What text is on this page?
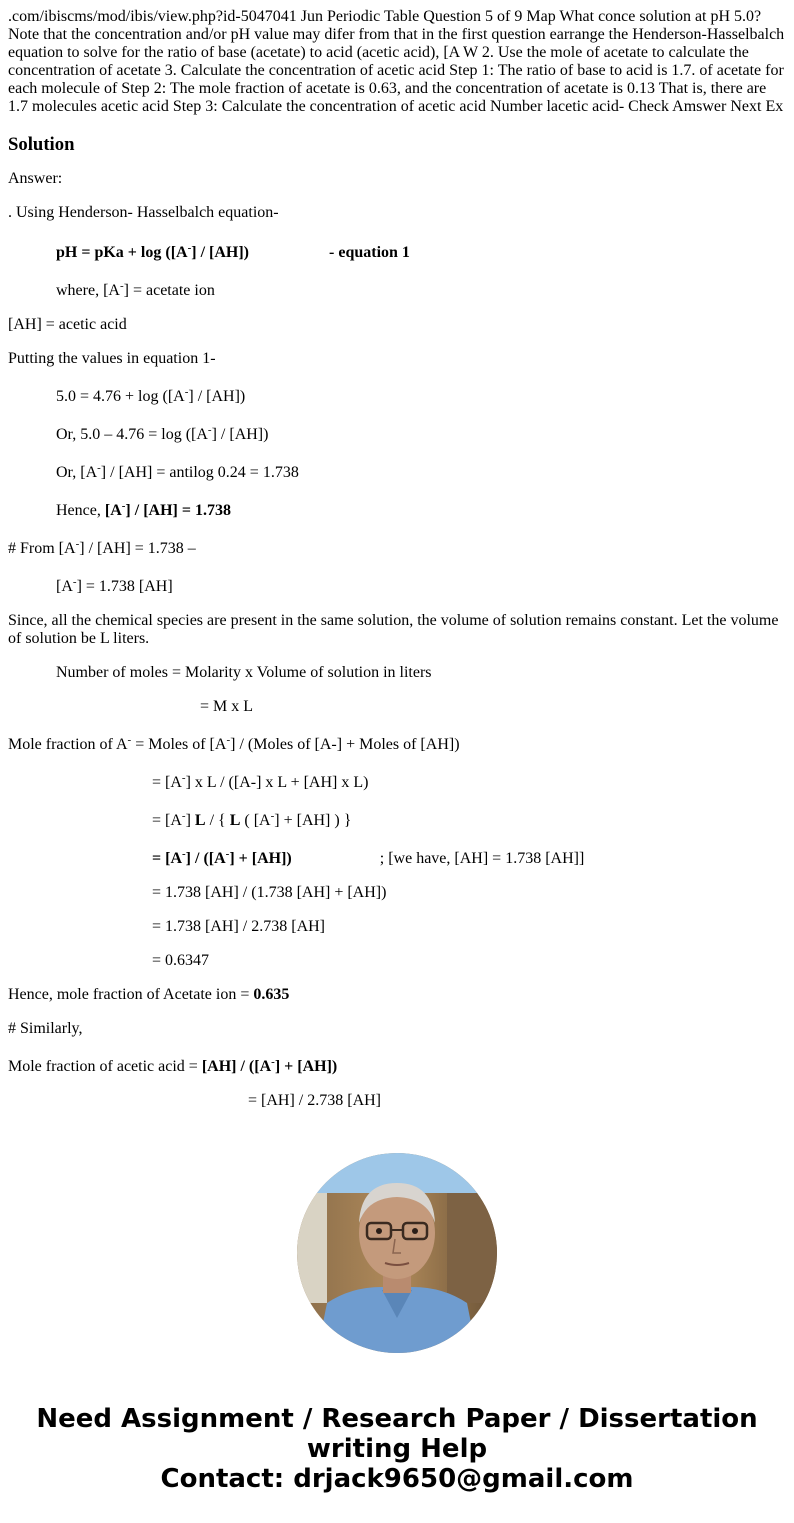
.com/ibiscms/mod/ibis/view.php?id-5047041 Jun Periodic Table Question 5 of 9 Map What conce solution at pH 5.0? Note that the concentration and/or pH value may difer from that in the first question earrange the Henderson-Hasselbalch equation to solve for the ratio of base (acetate) to acid (acetic acid), [A W 2. Use the mole of acetate to calculate the concentration of acetate 3. Calculate the concentration of acetic acid Step 1: The ratio of base to acid is 1.7. of acetate for each molecule of Step 2: The mole fraction of acetate is 0.63, and the concentration of acetate is 0.13 That is, there are 1.7 molecules acetic acid Step 3: Calculate the concentration of acetic acid Number lacetic acid- Check Amswer Next Ex

Solution

Answer:

. Using Henderson- Hasselbalch equation-

pH = pKa + log ([A-] / [AH])	- equation 1

where, [A-] = acetate ion

[AH] = acetic acid

Putting the values in equation 1-

5.0 = 4.76 + log ([A-] / [AH])

Or, 5.0 – 4.76 = log ([A-] / [AH])

Or, [A-] / [AH] = antilog 0.24 = 1.738

Hence, [A-] / [AH] = 1.738

# From [A-] / [AH] = 1.738 –

[A-] = 1.738 [AH]

Since, all the chemical species are present in the same solution, the volume of solution remains constant. Let the volume of solution be L liters.

Number of moles = Molarity x Volume of solution in liters

= M x L

Mole fraction of A- = Moles of [A-] / (Moles of [A-] + Moles of [AH])

= [A-] x L / ([A-] x L + [AH] x L)

= [A-] L / { L ( [A-] + [AH] ) }

= [A-] / ([A-] + [AH])	; [we have, [AH] = 1.738 [AH]]

= 1.738 [AH] / (1.738 [AH] + [AH])

= 1.738 [AH] / 2.738 [AH]

= 0.6347

Hence, mole fraction of Acetate ion = 0.635

# Similarly,

Mole fraction of acetic acid = [AH] / ([A-] + [AH])

= [AH] / 2.738 [AH]

Need Assignment / Research Paper / Dissertation
writing Help
Contact: drjack9650@gmail.com
